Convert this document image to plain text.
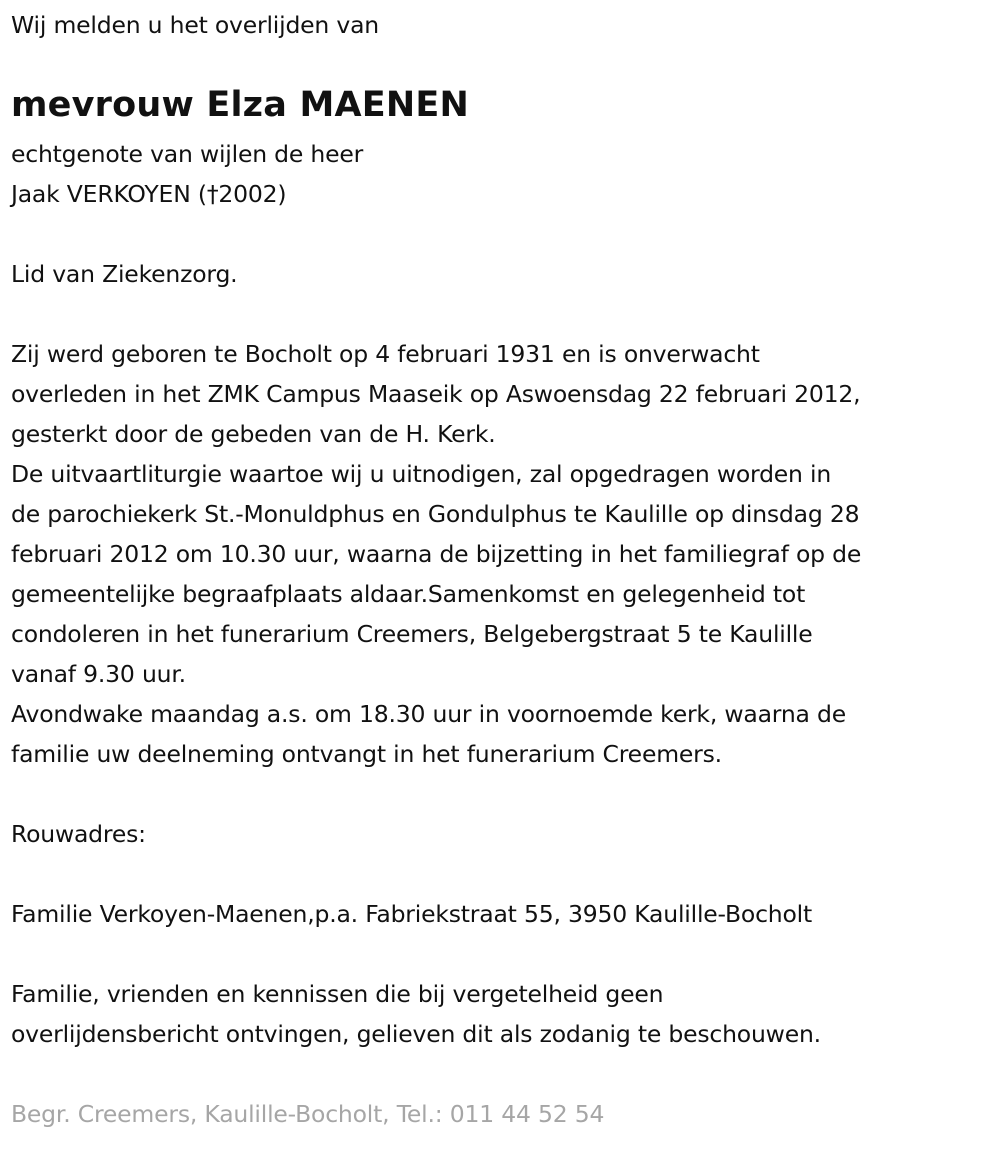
Wij melden u het overlijden van
mevrouw Elza MAENEN
echtgenote van wijlen de heer
Jaak VERKOYEN (†2002)
Lid van Ziekenzorg.
Zij werd geboren te Bocholt op 4 februari 1931 en is onverwacht
overleden in het ZMK Campus Maaseik op Aswoensdag 22 februari 2012,
gesterkt door de gebeden van de H. Kerk.
De uitvaartliturgie waartoe wij u uitnodigen, zal opgedragen worden in
de parochiekerk St.-Monuldphus en Gondulphus te Kaulille op dinsdag 28
februari 2012 om 10.30 uur, waarna de bijzetting in het familiegraf op de
gemeentelijke begraafplaats aldaar.Samenkomst en gelegenheid tot
condoleren in het funerarium Creemers, Belgebergstraat 5 te Kaulille
vanaf 9.30 uur.
Avondwake maandag a.s. om 18.30 uur in voornoemde kerk, waarna de
familie uw deelneming ontvangt in het funerarium Creemers.
Rouwadres:
Familie Verkoyen-Maenen,p.a. Fabriekstraat 55, 3950 Kaulille-Bocholt
Familie, vrienden en kennissen die bij vergetelheid geen
overlijdensbericht ontvingen, gelieven dit als zodanig te beschouwen.
Begr. Creemers, Kaulille-Bocholt, Tel.: 011 44 52 54
